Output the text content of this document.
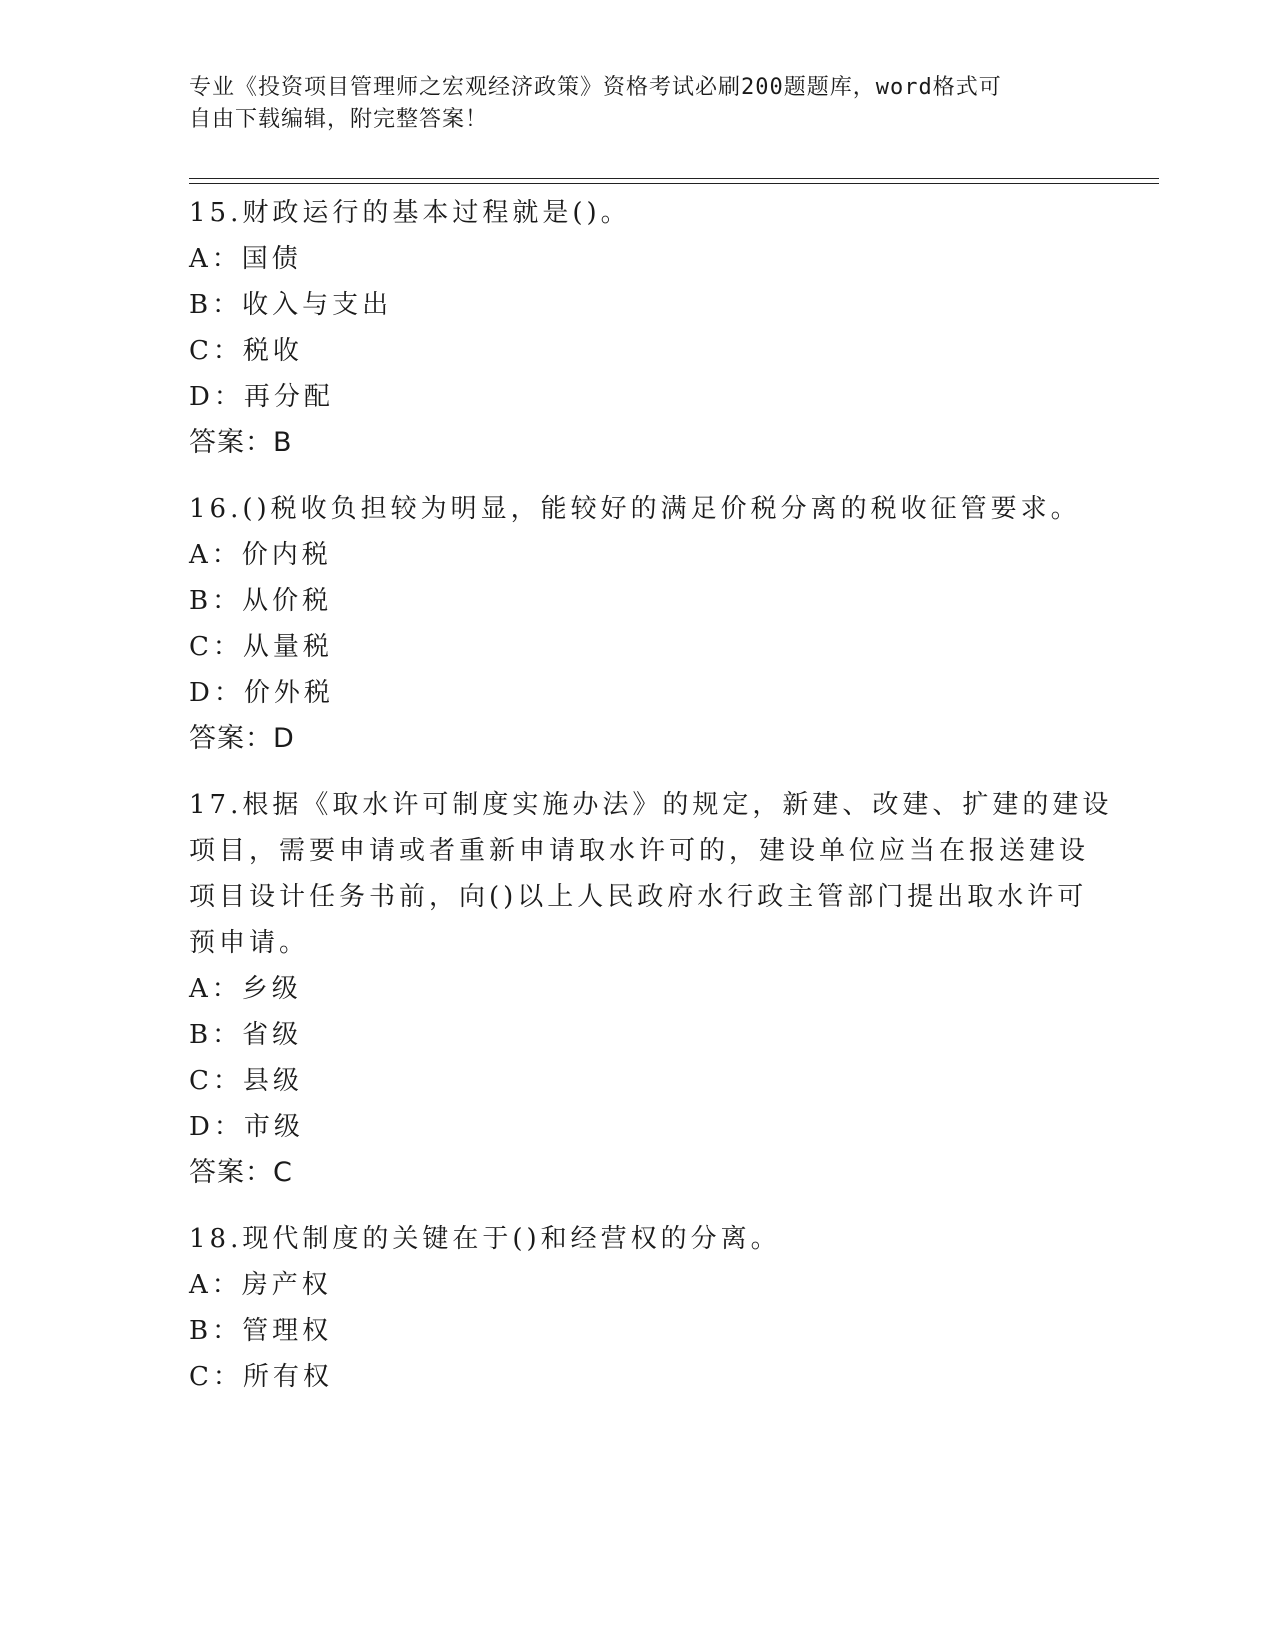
专业《投资项目管理师之宏观经济政策》资格考试必刷200题题库，word格式可
自由下载编辑，附完整答案！
15.财政运行的基本过程就是()。
A：国债
B：收入与支出
C：税收
D：再分配
答案：B
16.()税收负担较为明显，能较好的满足价税分离的税收征管要求。
A：价内税
B：从价税
C：从量税
D：价外税
答案：D
17.根据《取水许可制度实施办法》的规定，新建、改建、扩建的建设
项目，需要申请或者重新申请取水许可的，建设单位应当在报送建设
项目设计任务书前，向()以上人民政府水行政主管部门提出取水许可
预申请。
A：乡级
B：省级
C：县级
D：市级
答案：C
18.现代制度的关键在于()和经营权的分离。
A：房产权
B：管理权
C：所有权
